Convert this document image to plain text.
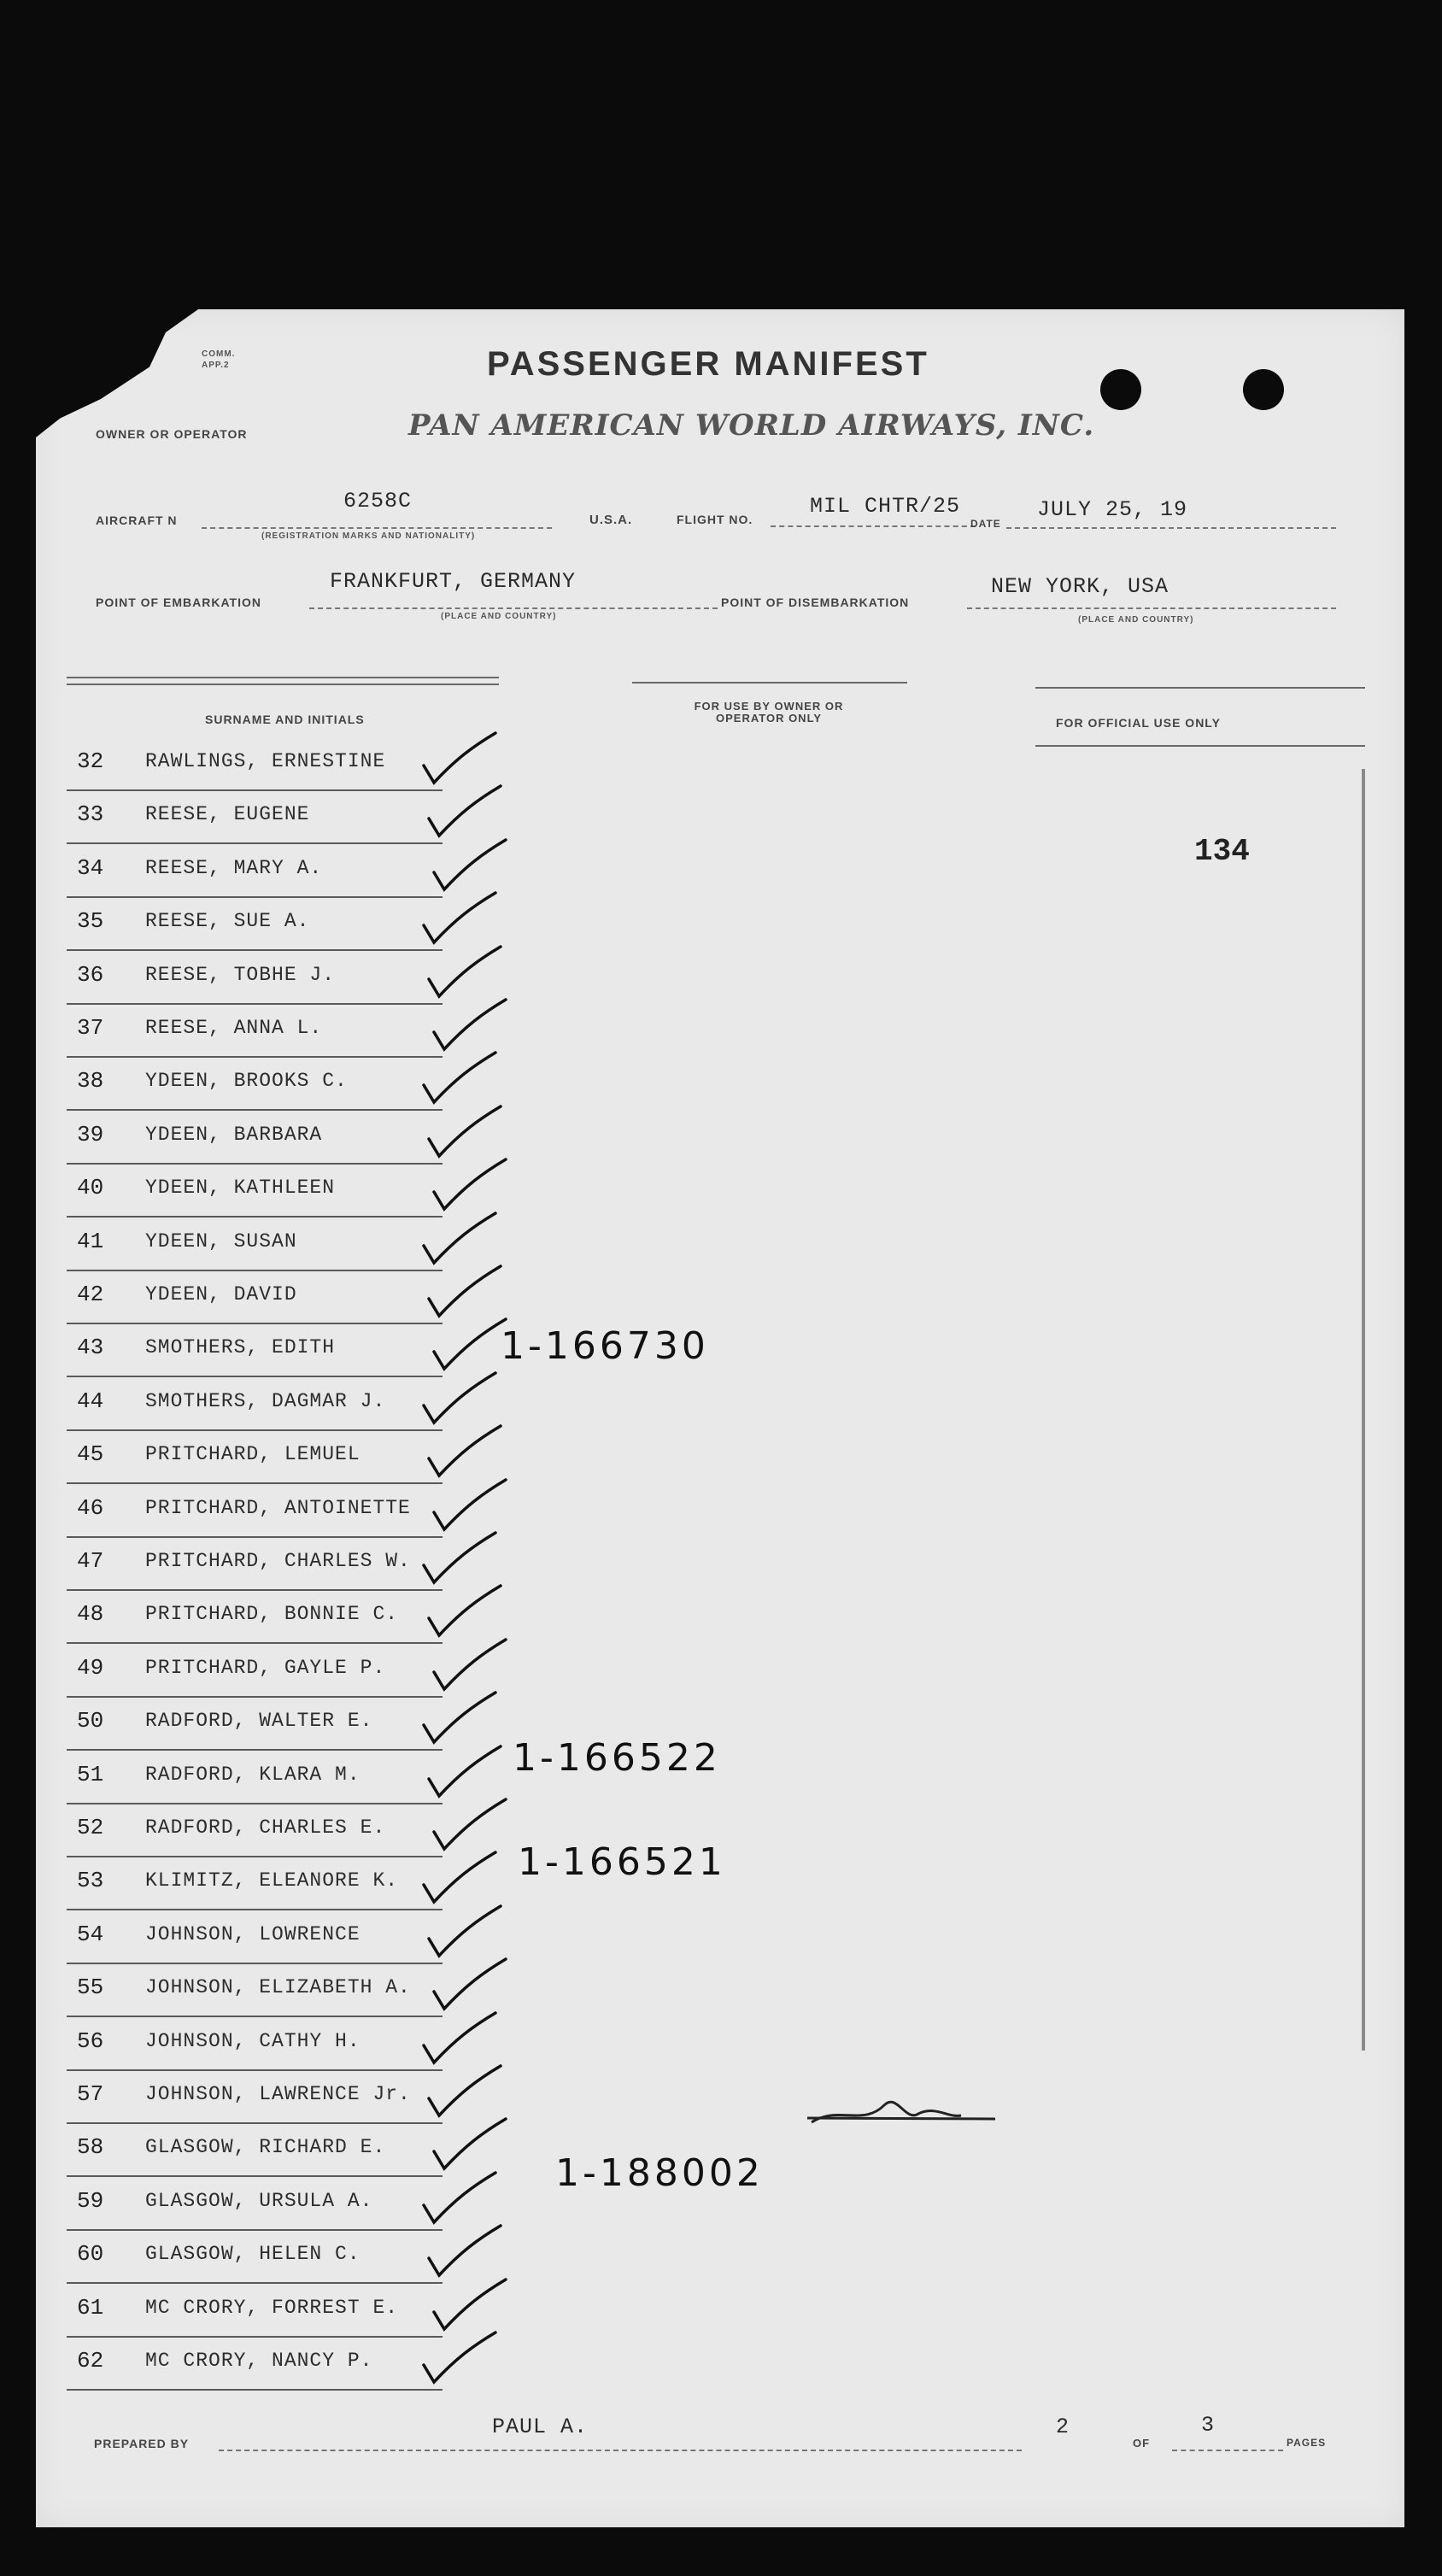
COMM. APP.2	PASSENGER MANIFEST
OWNER OR OPERATOR	PAN AMERICAN WORLD AIRWAYS, INC.
AIRCRAFT N
6258C
(REGISTRATION MARKS AND NATIONALITY)
U.S.A.	FLIGHT NO.
MIL CHTR/25
DATE
JULY 25, 19
POINT OF EMBARKATION
FRANKFURT, GERMANY
(PLACE AND COUNTRY)
POINT OF DISEMBARKATION
NEW YORK, USA
(PLACE AND COUNTRY)
SURNAME AND INITIALS
FOR USE BY OWNER OR OPERATOR ONLY	FOR OFFICIAL USE ONLY
134
32 RAWLINGS, ERNESTINE
33 REESE, EUGENE
34 REESE, MARY A.
35 REESE, SUE A.
36 REESE, TOBHE J.
37 REESE, ANNA L.
38 YDEEN, BROOKS C.
39 YDEEN, BARBARA
40 YDEEN, KATHLEEN
41 YDEEN, SUSAN
42 YDEEN, DAVID
43 SMOTHERS, EDITH
44 SMOTHERS, DAGMAR J.
45 PRITCHARD, LEMUEL
46 PRITCHARD, ANTOINETTE
47 PRITCHARD, CHARLES W.
48 PRITCHARD, BONNIE C.
49 PRITCHARD, GAYLE P.
50 RADFORD, WALTER E.
51 RADFORD, KLARA M.
52 RADFORD, CHARLES E.
53 KLIMITZ, ELEANORE K.
54 JOHNSON, LOWRENCE
55 JOHNSON, ELIZABETH A.
56 JOHNSON, CATHY H.
57 JOHNSON, LAWRENCE Jr.
58 GLASGOW, RICHARD E.
59 GLASGOW, URSULA A.
60 GLASGOW, HELEN C.
61 MC CRORY, FORREST E.
62 MC CRORY, NANCY P.
1-166730
1-166522
1-166521
1-188002
PREPARED BY
PAUL A.	2
OF
3
PAGES
